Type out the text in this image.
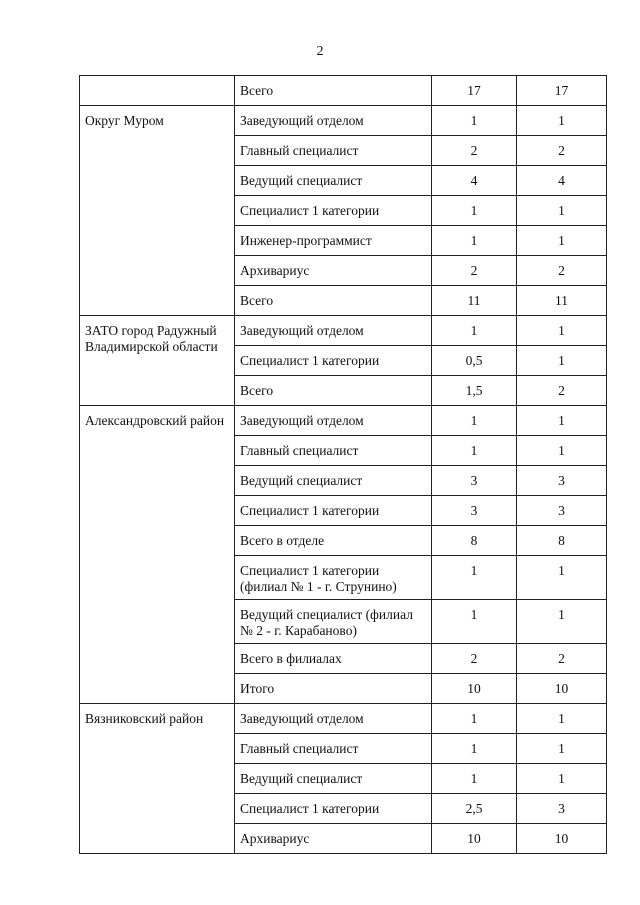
2
	Всего	17	17
Округ Муром	Заведующий отделом	1	1
	Главный специалист	2	2
	Ведущий специалист	4	4
	Специалист 1 категории	1	1
	Инженер-программист	1	1
	Архивариус	2	2
	Всего	11	11
ЗАТО город Радужный Владимирской области	Заведующий отделом	1	1
	Специалист 1 категории	0,5	1
	Всего	1,5	2
Александровский район	Заведующий отделом	1	1
	Главный специалист	1	1
	Ведущий специалист	3	3
	Специалист 1 категории	3	3
	Всего в отделе	8	8
	Специалист 1 категории (филиал № 1 - г. Струнино)	1	1
	Ведущий специалист (филиал № 2 - г. Карабаново)	1	1
	Всего в филиалах	2	2
	Итого	10	10
Вязниковский район	Заведующий отделом	1	1
	Главный специалист	1	1
	Ведущий специалист	1	1
	Специалист 1 категории	2,5	3
	Архивариус	10	10
